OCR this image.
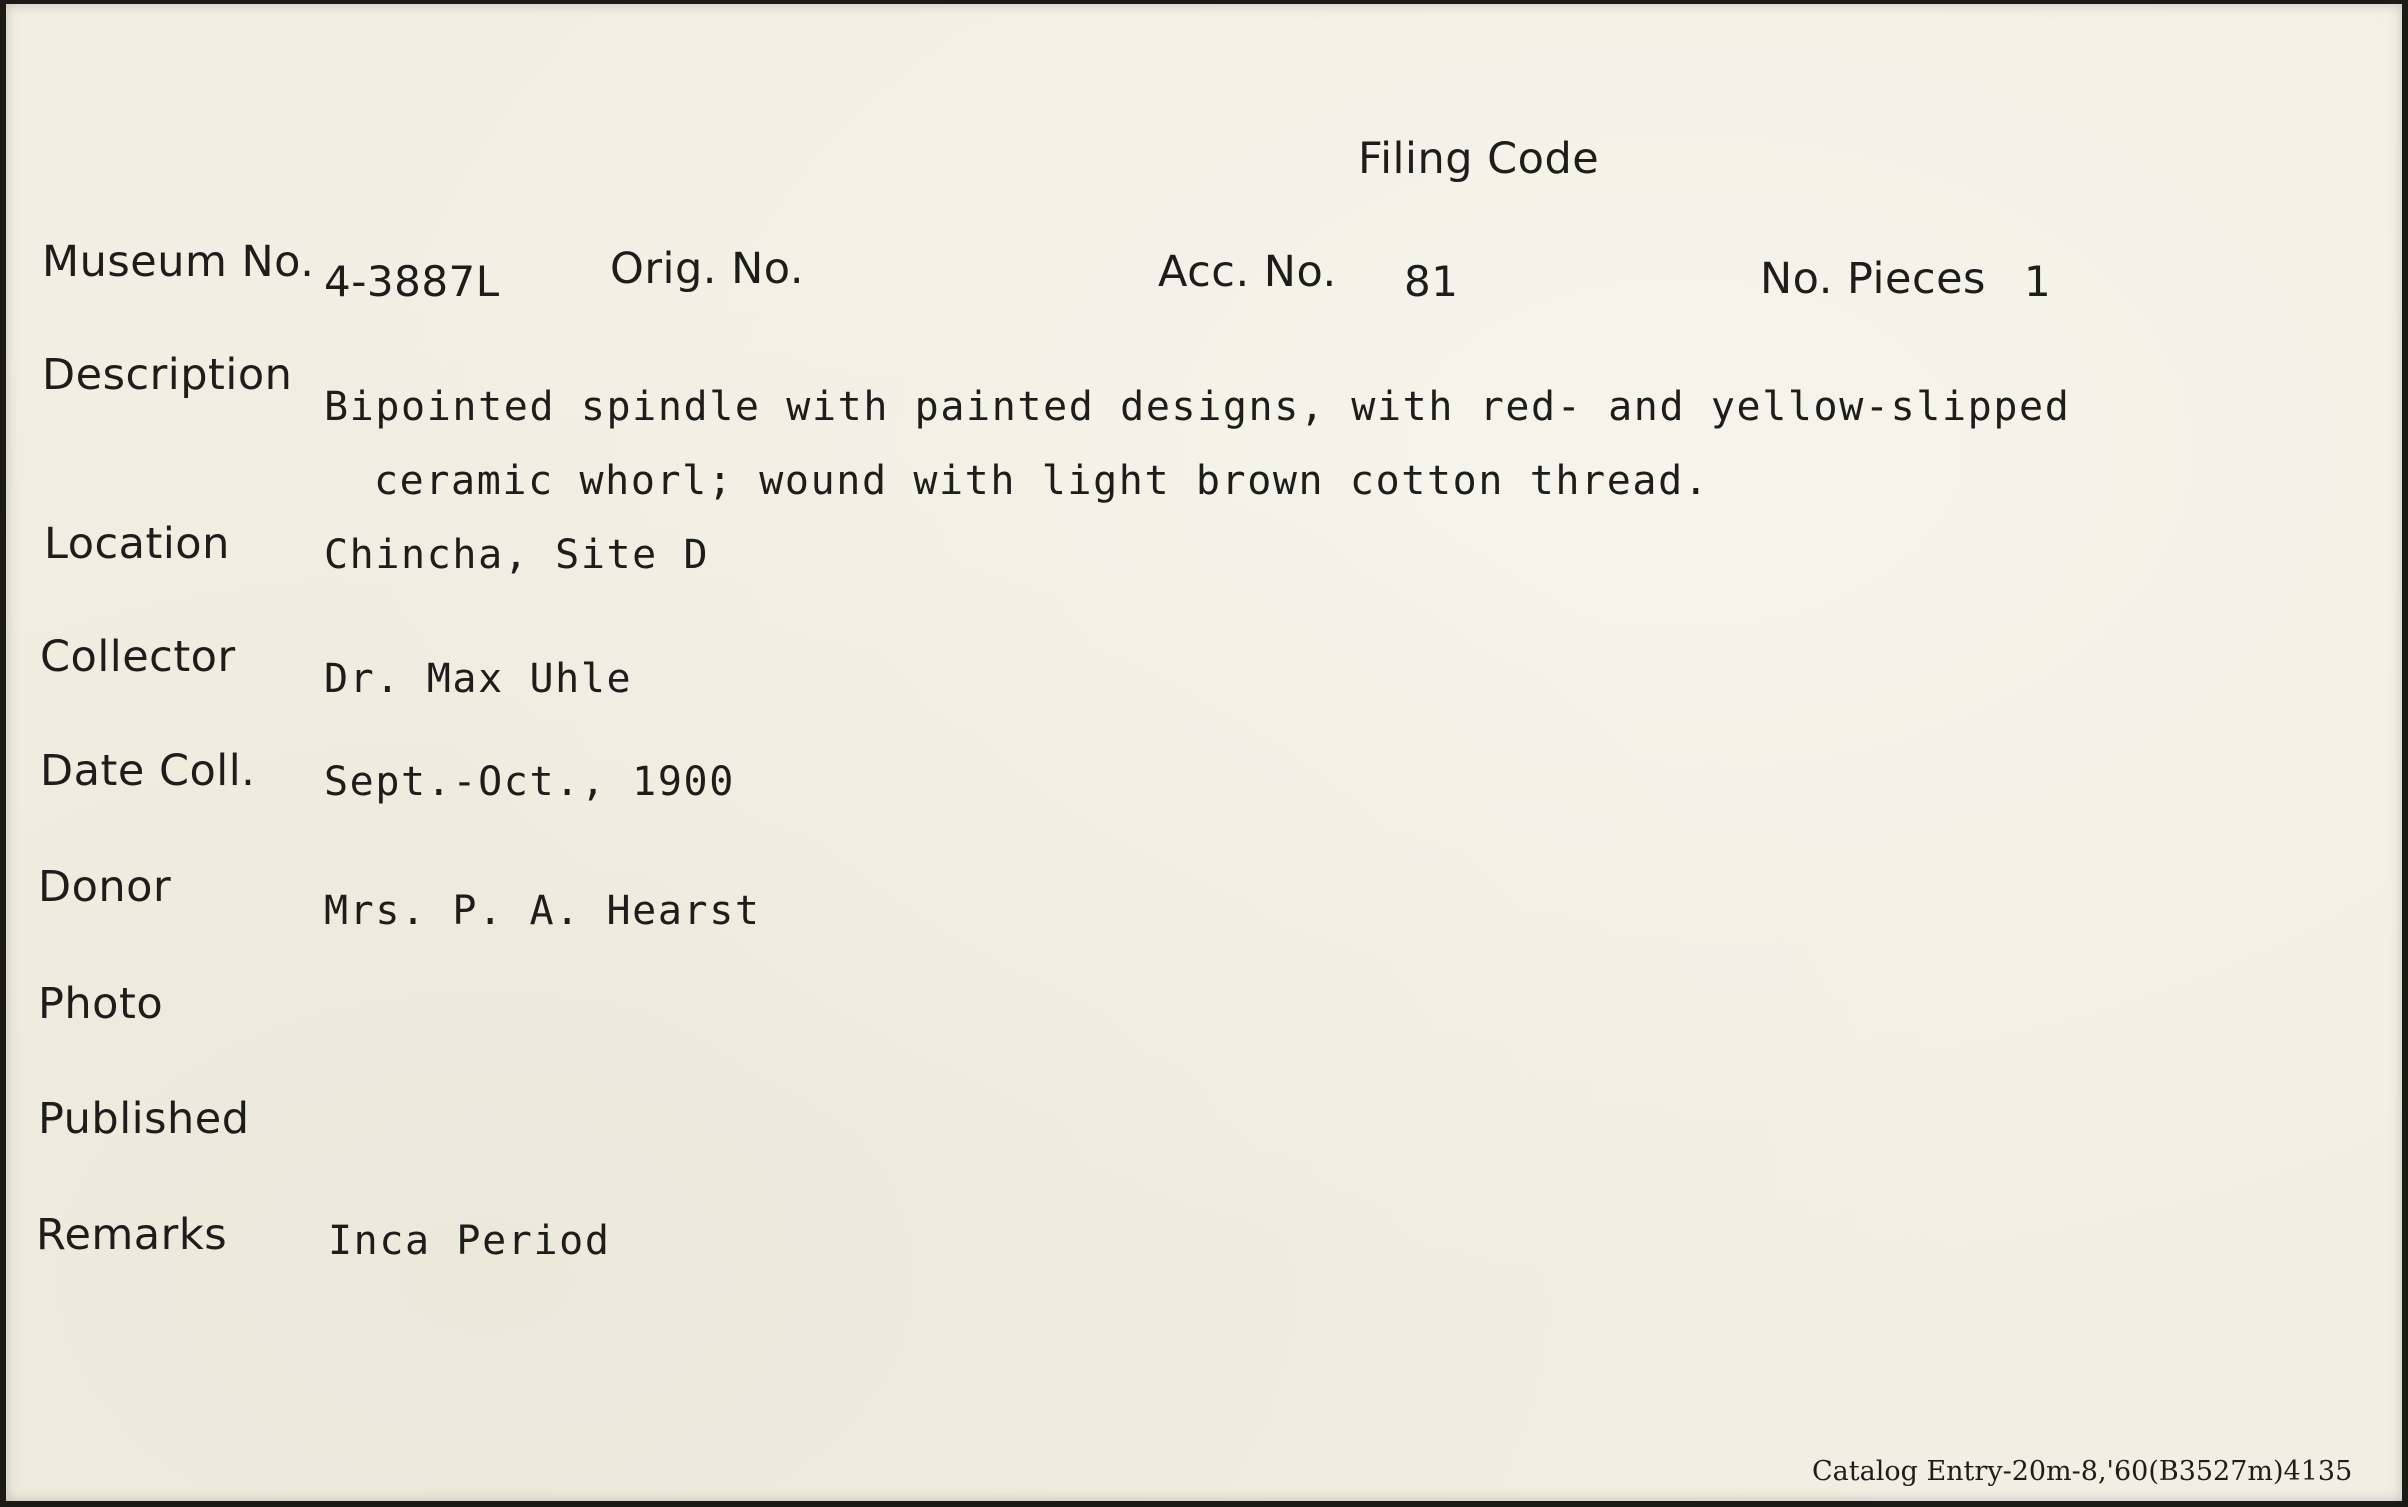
Filing Code
Museum No. 4-3887L	Orig. No.	Acc. No. 81	No. Pieces 1
Description
Bipointed spindle with painted designs, with red- and yellow-slipped
ceramic whorl; wound with light brown cotton thread.
Location Chincha, Site D
Collector Dr. Max Uhle
Date Coll. Sept.-Oct., 1900
Donor	Mrs. P. A. Hearst
Photo
Published
Remarks	Inca Period
Catalog Entry-20m-8,'60(B3527m)4135
